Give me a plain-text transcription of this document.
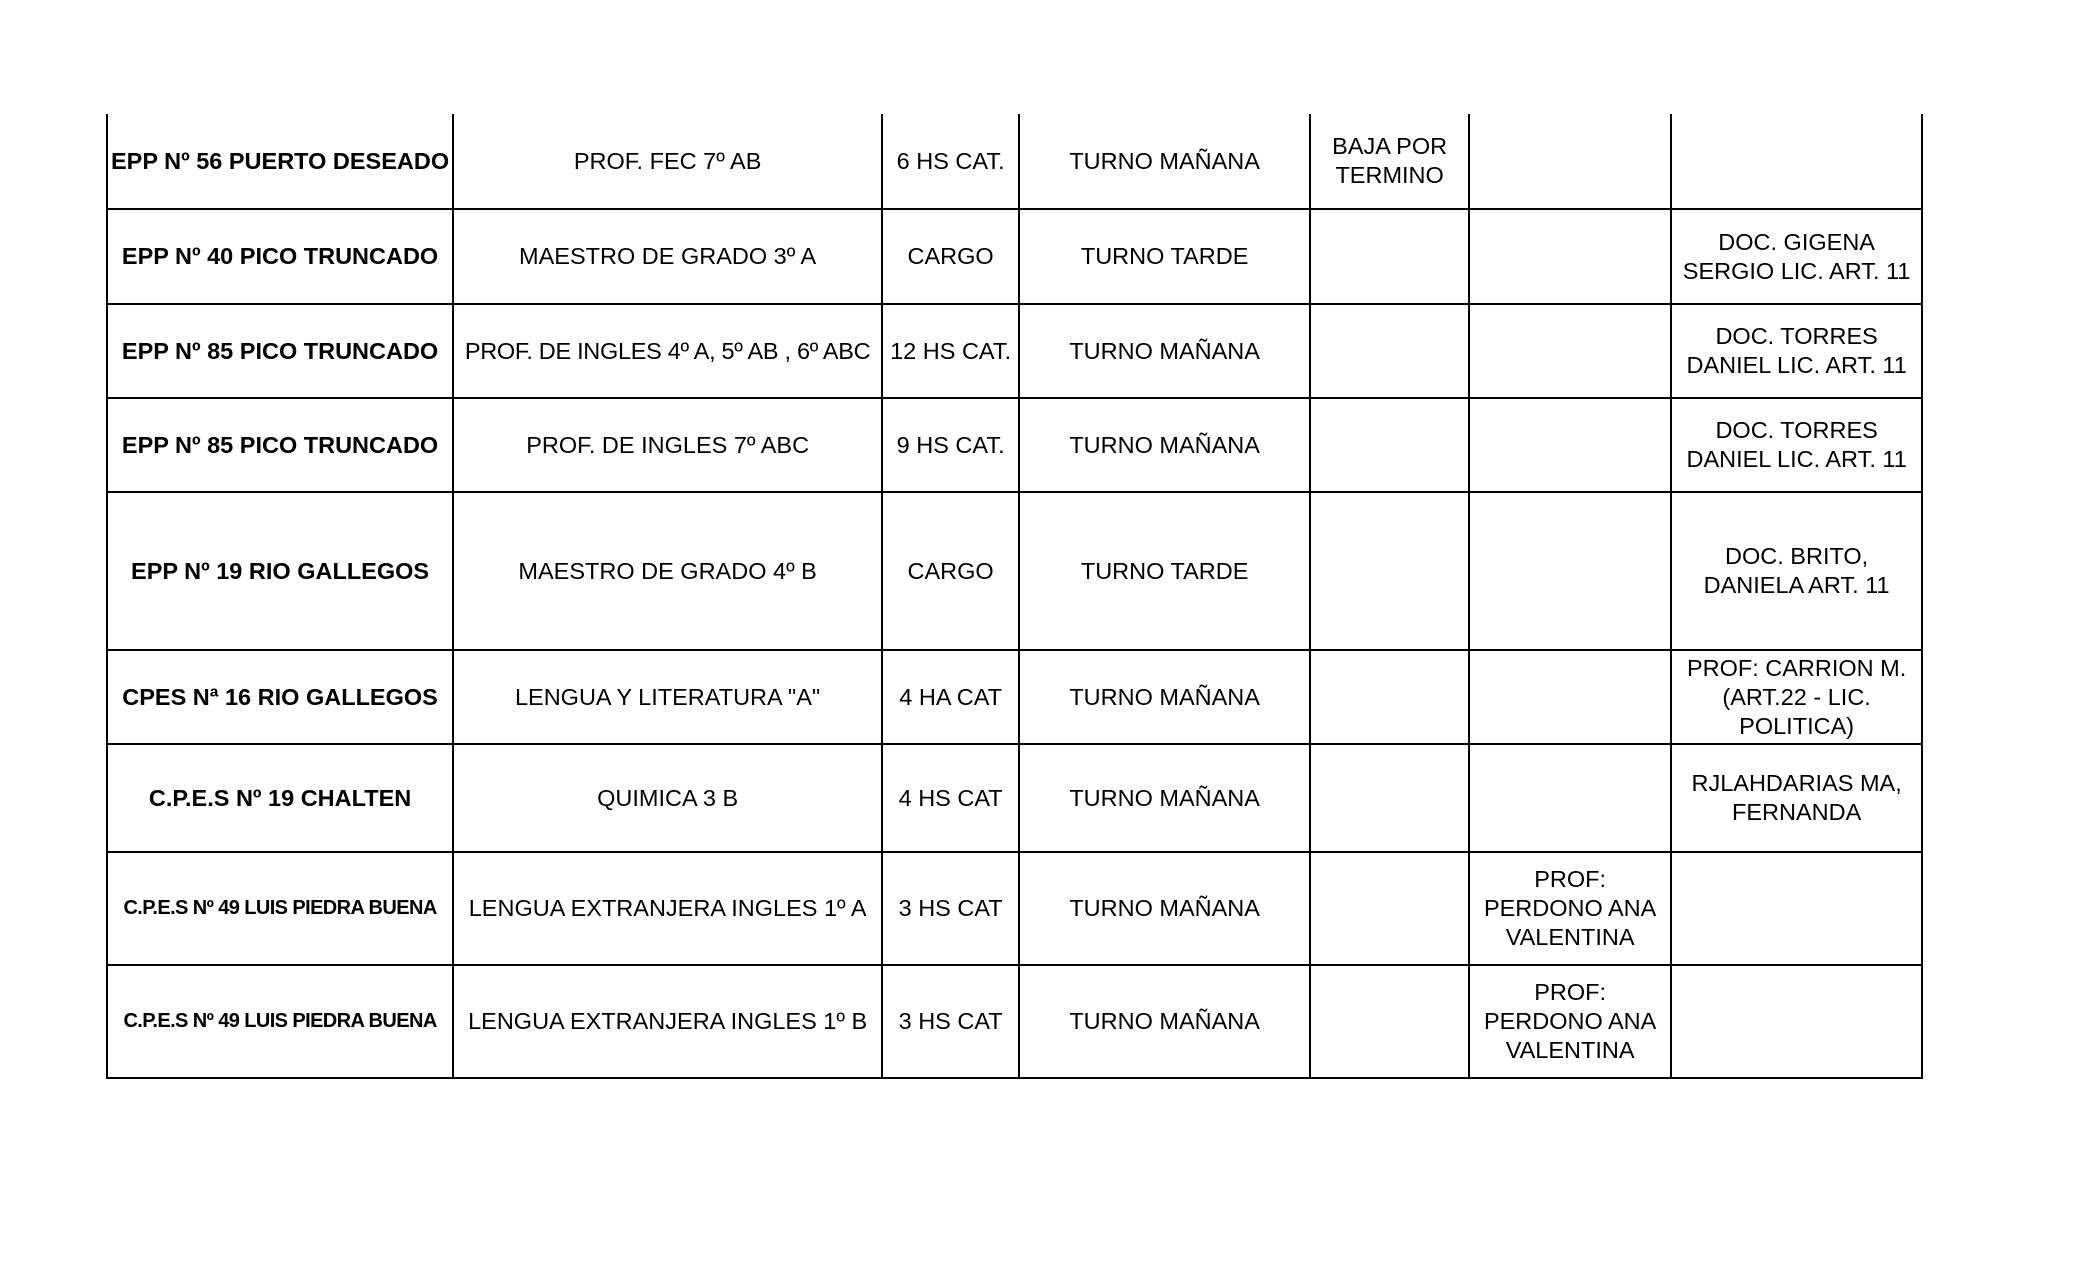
EPP Nº 56 PUERTO DESEADO	PROF. FEC 7º AB	6 HS CAT.	TURNO MAÑANA	BAJA POR TERMINO		
EPP Nº 40 PICO TRUNCADO	MAESTRO DE GRADO 3º A	CARGO	TURNO TARDE			DOC. GIGENA SERGIO LIC. ART. 11
EPP Nº 85 PICO TRUNCADO	PROF. DE INGLES 4º A, 5º AB , 6º ABC	12 HS CAT.	TURNO MAÑANA			DOC. TORRES DANIEL LIC. ART. 11
EPP Nº 85 PICO TRUNCADO	PROF. DE INGLES 7º ABC	9 HS CAT.	TURNO MAÑANA			DOC. TORRES DANIEL LIC. ART. 11
EPP Nº 19 RIO GALLEGOS	MAESTRO DE GRADO 4º B	CARGO	TURNO TARDE			DOC. BRITO, DANIELA ART. 11
CPES Nª 16 RIO GALLEGOS	LENGUA Y LITERATURA "A"	4 HA CAT	TURNO MAÑANA			PROF: CARRION M. (ART.22 - LIC. POLITICA)
C.P.E.S Nº 19 CHALTEN	QUIMICA 3 B	4 HS CAT	TURNO MAÑANA			RJLAHDARIAS MA, FERNANDA
C.P.E.S Nº 49 LUIS PIEDRA BUENA	LENGUA EXTRANJERA INGLES 1º A	3 HS CAT	TURNO MAÑANA		PROF: PERDONO ANA VALENTINA	
C.P.E.S Nº 49 LUIS PIEDRA BUENA	LENGUA EXTRANJERA INGLES 1º B	3 HS CAT	TURNO MAÑANA		PROF: PERDONO ANA VALENTINA	
